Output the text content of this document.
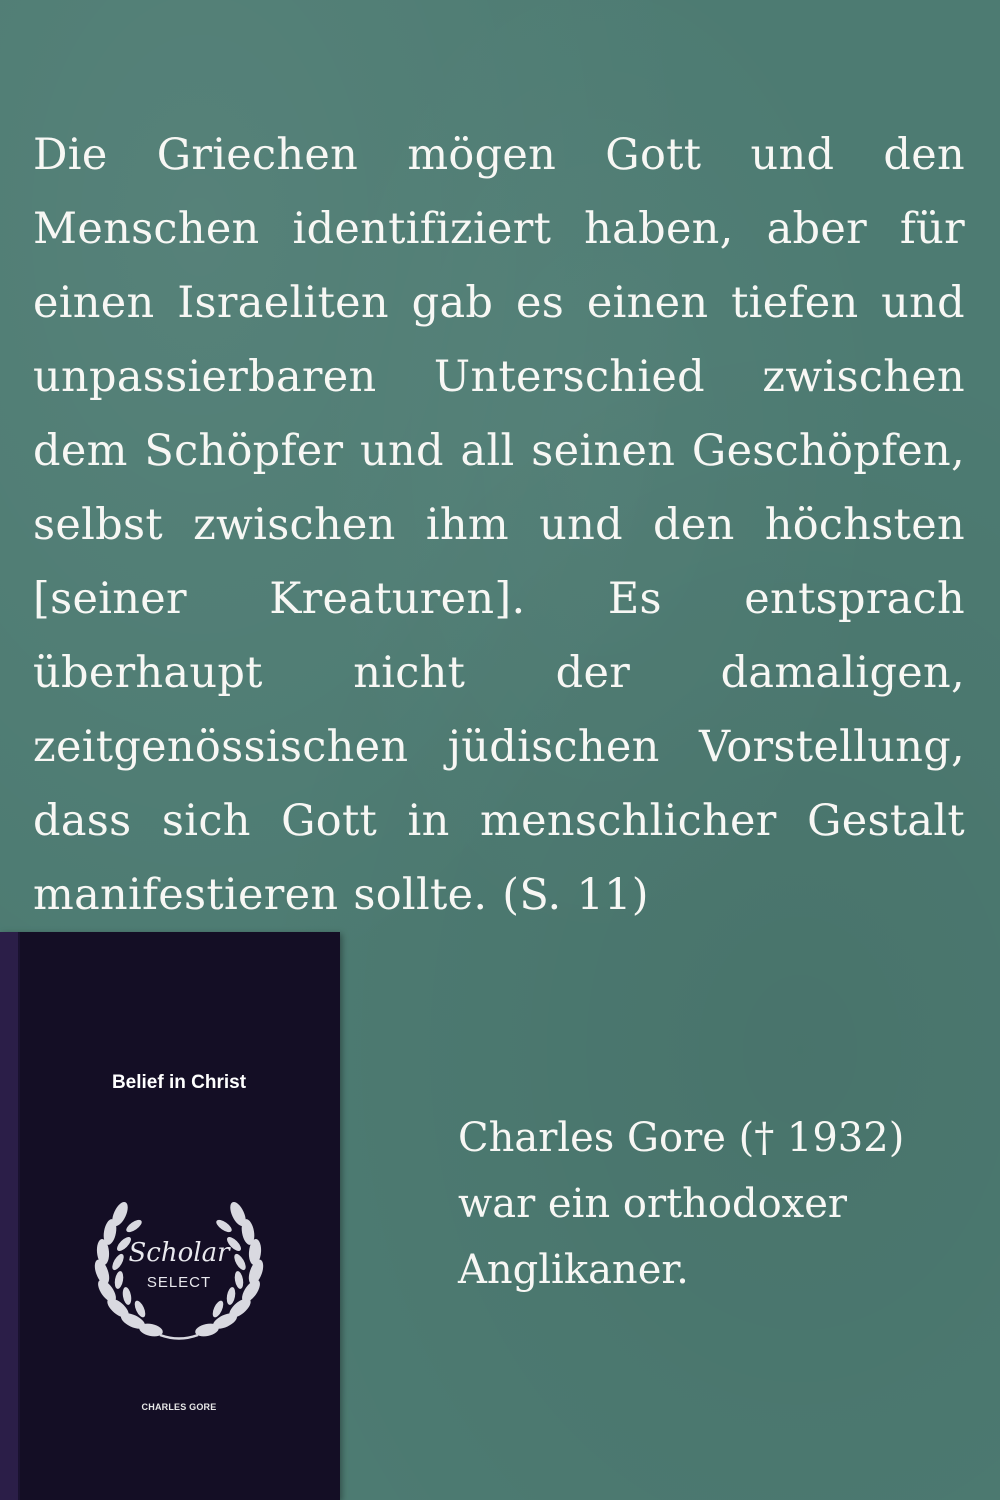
Die Griechen mögen Gott und den Menschen identifiziert haben, aber für einen Israeliten gab es einen tiefen und unpassierbaren Unterschied zwischen dem Schöpfer und all seinen Geschöpfen, selbst zwischen ihm und den höchsten [seiner Kreaturen]. Es entsprach überhaupt nicht der damaligen, zeitgenössischen jüdischen Vorstellung, dass sich Gott in menschlicher Gestalt manifestieren sollte. (S. 11)
Belief in Christ
Scholar
SELECT
CHARLES GORE
Charles Gore († 1932)
war ein orthodoxer
Anglikaner.
